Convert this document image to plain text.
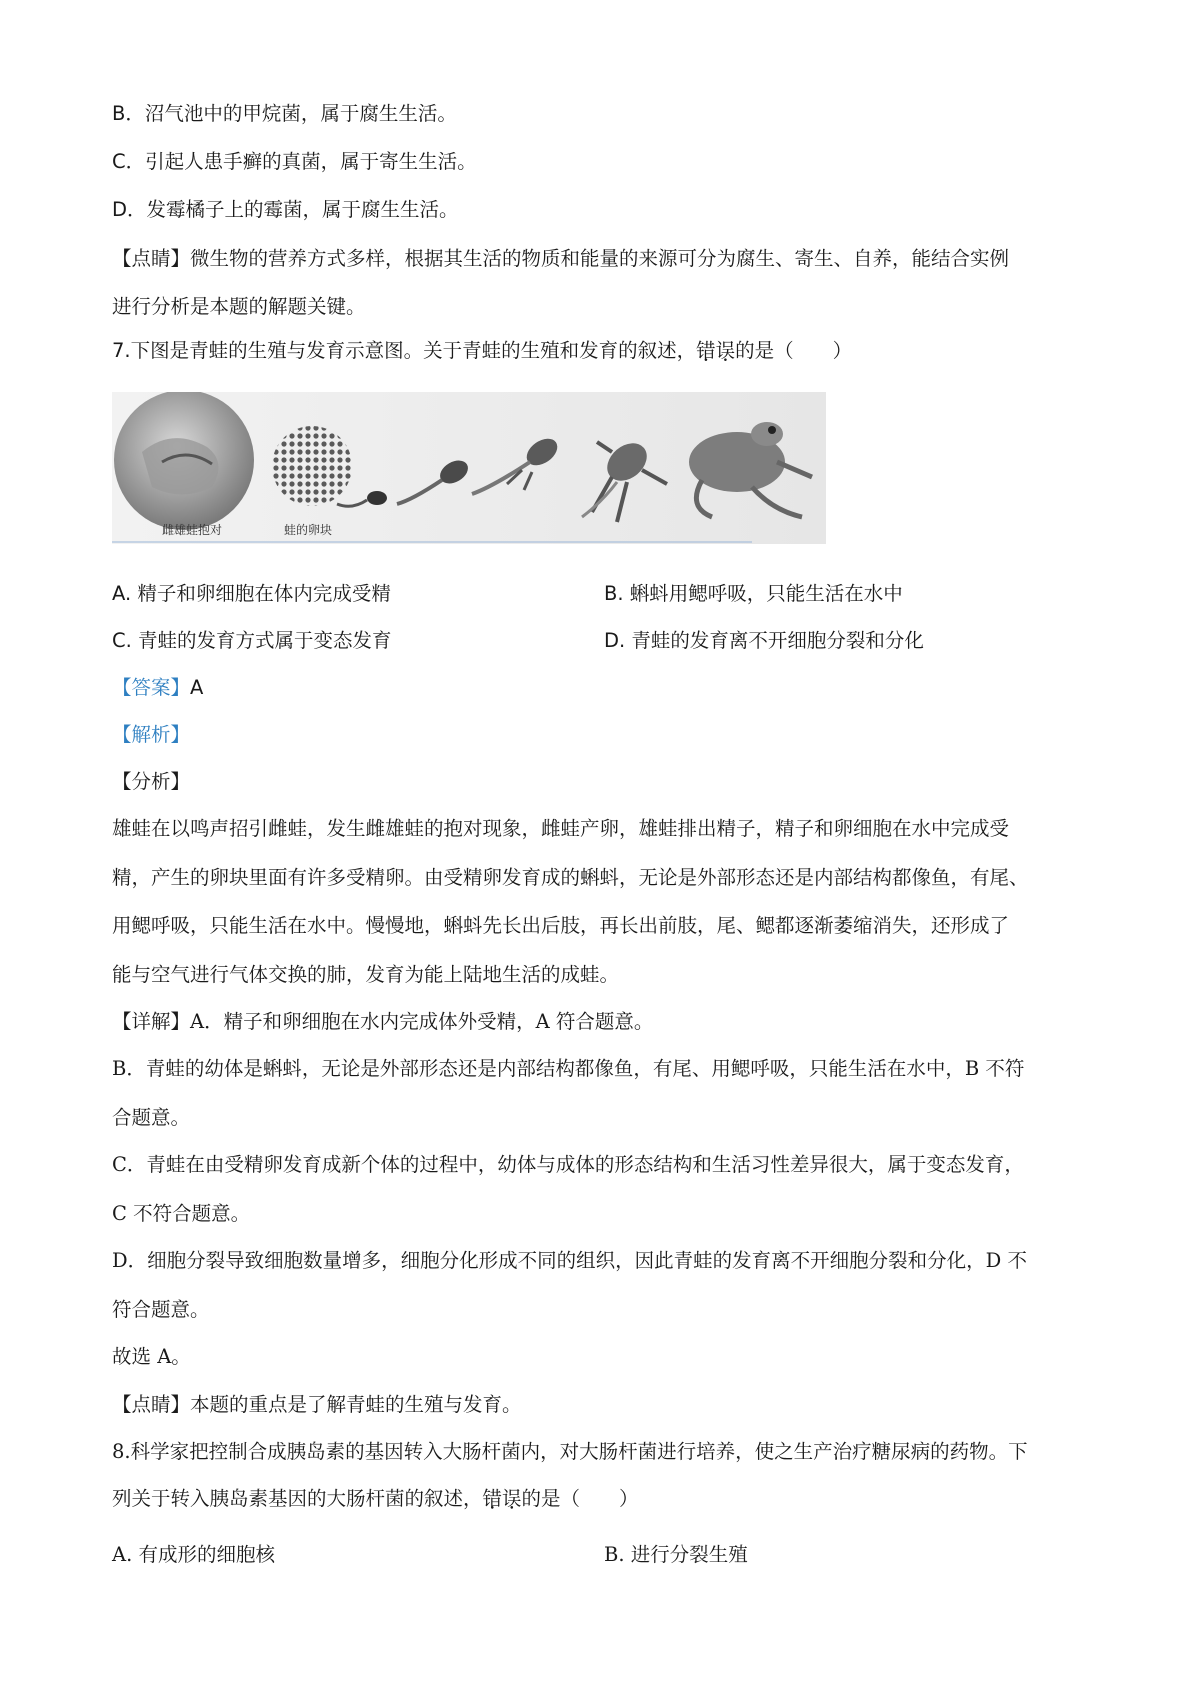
B．沼气池中的甲烷菌，属于腐生生活。
C．引起人患手癣的真菌，属于寄生生活。
D．发霉橘子上的霉菌，属于腐生生活。
【点睛】微生物的营养方式多样，根据其生活的物质和能量的来源可分为腐生、寄生、自养，能结合实例
进行分析是本题的解题关键。
7.下图是青蛙的生殖与发育示意图。关于青蛙的生殖和发育的叙述，错误的是（　　）
雌雄蛙抱对	蛙的卵块
A. 精子和卵细胞在体内完成受精	B. 蝌蚪用鳃呼吸，只能生活在水中
C. 青蛙的发育方式属于变态发育	D. 青蛙的发育离不开细胞分裂和分化
【答案】A
【解析】
【分析】
雄蛙在以鸣声招引雌蛙，发生雌雄蛙的抱对现象，雌蛙产卵，雄蛙排出精子，精子和卵细胞在水中完成受
精，产生的卵块里面有许多受精卵。由受精卵发育成的蝌蚪，无论是外部形态还是内部结构都像鱼，有尾、
用鳃呼吸，只能生活在水中。慢慢地，蝌蚪先长出后肢，再长出前肢，尾、鳃都逐渐萎缩消失，还形成了
能与空气进行气体交换的肺，发育为能上陆地生活的成蛙。
【详解】A．精子和卵细胞在水内完成体外受精，A 符合题意。
B．青蛙的幼体是蝌蚪，无论是外部形态还是内部结构都像鱼，有尾、用鳃呼吸，只能生活在水中，B 不符
合题意。
C．青蛙在由受精卵发育成新个体的过程中，幼体与成体的形态结构和生活习性差异很大，属于变态发育，
C 不符合题意。
D．细胞分裂导致细胞数量增多，细胞分化形成不同的组织，因此青蛙的发育离不开细胞分裂和分化，D 不
符合题意。
故选 A。
【点睛】本题的重点是了解青蛙的生殖与发育。
8.科学家把控制合成胰岛素的基因转入大肠杆菌内，对大肠杆菌进行培养，使之生产治疗糖尿病的药物。下
列关于转入胰岛素基因的大肠杆菌的叙述，错误的是（　　）
A. 有成形的细胞核	B. 进行分裂生殖
